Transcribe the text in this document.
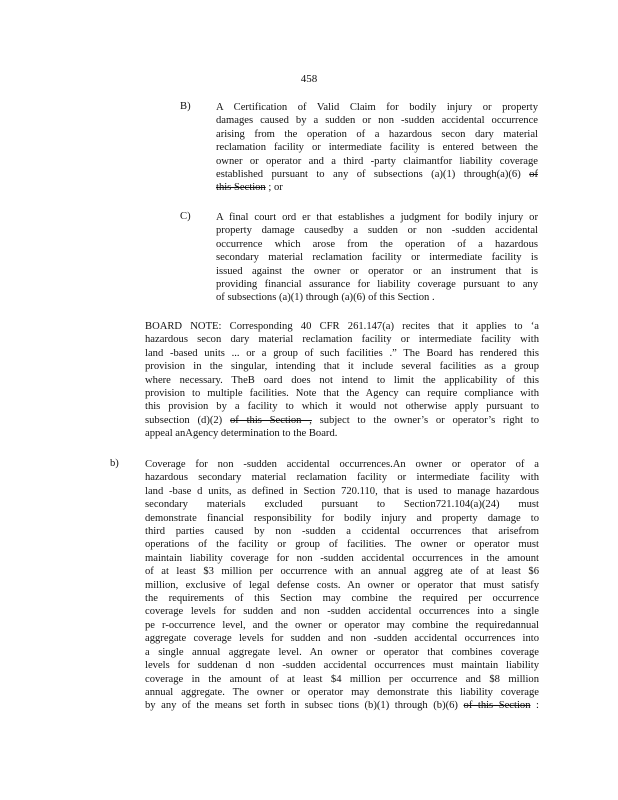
458
B) A Certification of Valid Claim for bodily injury or property
damages caused by a sudden or non -sudden accidental occurrence
arising from the operation of a hazardous secon dary material
reclamation facility or intermediate facility is entered between the
owner or operator and a third -party claimantfor liability coverage
established pursuant to any of subsections (a)(1) through(a)(6) of
this Section ; or
C) A final court ord er that establishes a judgment for bodily injury or
property damage causedby a sudden or non -sudden accidental
occurrence which arose from the operation of a hazardous
secondary material reclamation facility or intermediate facility is
issued against the owner or operator or an instrument that is
providing financial assurance for liability coverage pursuant to any
of subsections (a)(1) through (a)(6) of this Section .
BOARD NOTE: Corresponding 40 CFR 261.147(a) recites that it applies to ‘a
hazardous secon dary material reclamation facility or intermediate facility with
land -based units ... or a group of such facilities .” The Board has rendered this
provision in the singular, intending that it include several facilities as a group
where necessary. TheB oard does not intend to limit the applicability of this
provision to multiple facilities. Note that the Agency can require compliance with
this provision by a facility to which it would not otherwise apply pursuant to
subsection (d)(2) of this Section , subject to the owner’s or operator’s right to
appeal anAgency determination to the Board.
b) Coverage for non -sudden accidental occurrences.An owner or operator of a
hazardous secondary material reclamation facility or intermediate facility with
land -base d units, as defined in Section 720.110, that is used to manage hazardous
secondary materials excluded pursuant to Section721.104(a)(24) must
demonstrate financial responsibility for bodily injury and property damage to
third parties caused by non -sudden a ccidental occurrences that arisefrom
operations of the facility or group of facilities. The owner or operator must
maintain liability coverage for non -sudden accidental occurrences in the amount
of at least $3 million per occurrence with an annual aggreg ate of at least $6
million, exclusive of legal defense costs. An owner or operator that must satisfy
the requirements of this Section may combine the required per occurrence
coverage levels for sudden and non -sudden accidental occurrences into a single
pe r-occurrence level, and the owner or operator may combine the requiredannual
aggregate coverage levels for sudden and non -sudden accidental occurrences into
a single annual aggregate level. An owner or operator that combines coverage
levels for suddenan d non -sudden accidental occurrences must maintain liability
coverage in the amount of at least $4 million per occurrence and $8 million
annual aggregate. The owner or operator may demonstrate this liability coverage
by any of the means set forth in subsec tions (b)(1) through (b)(6) of this Section :
